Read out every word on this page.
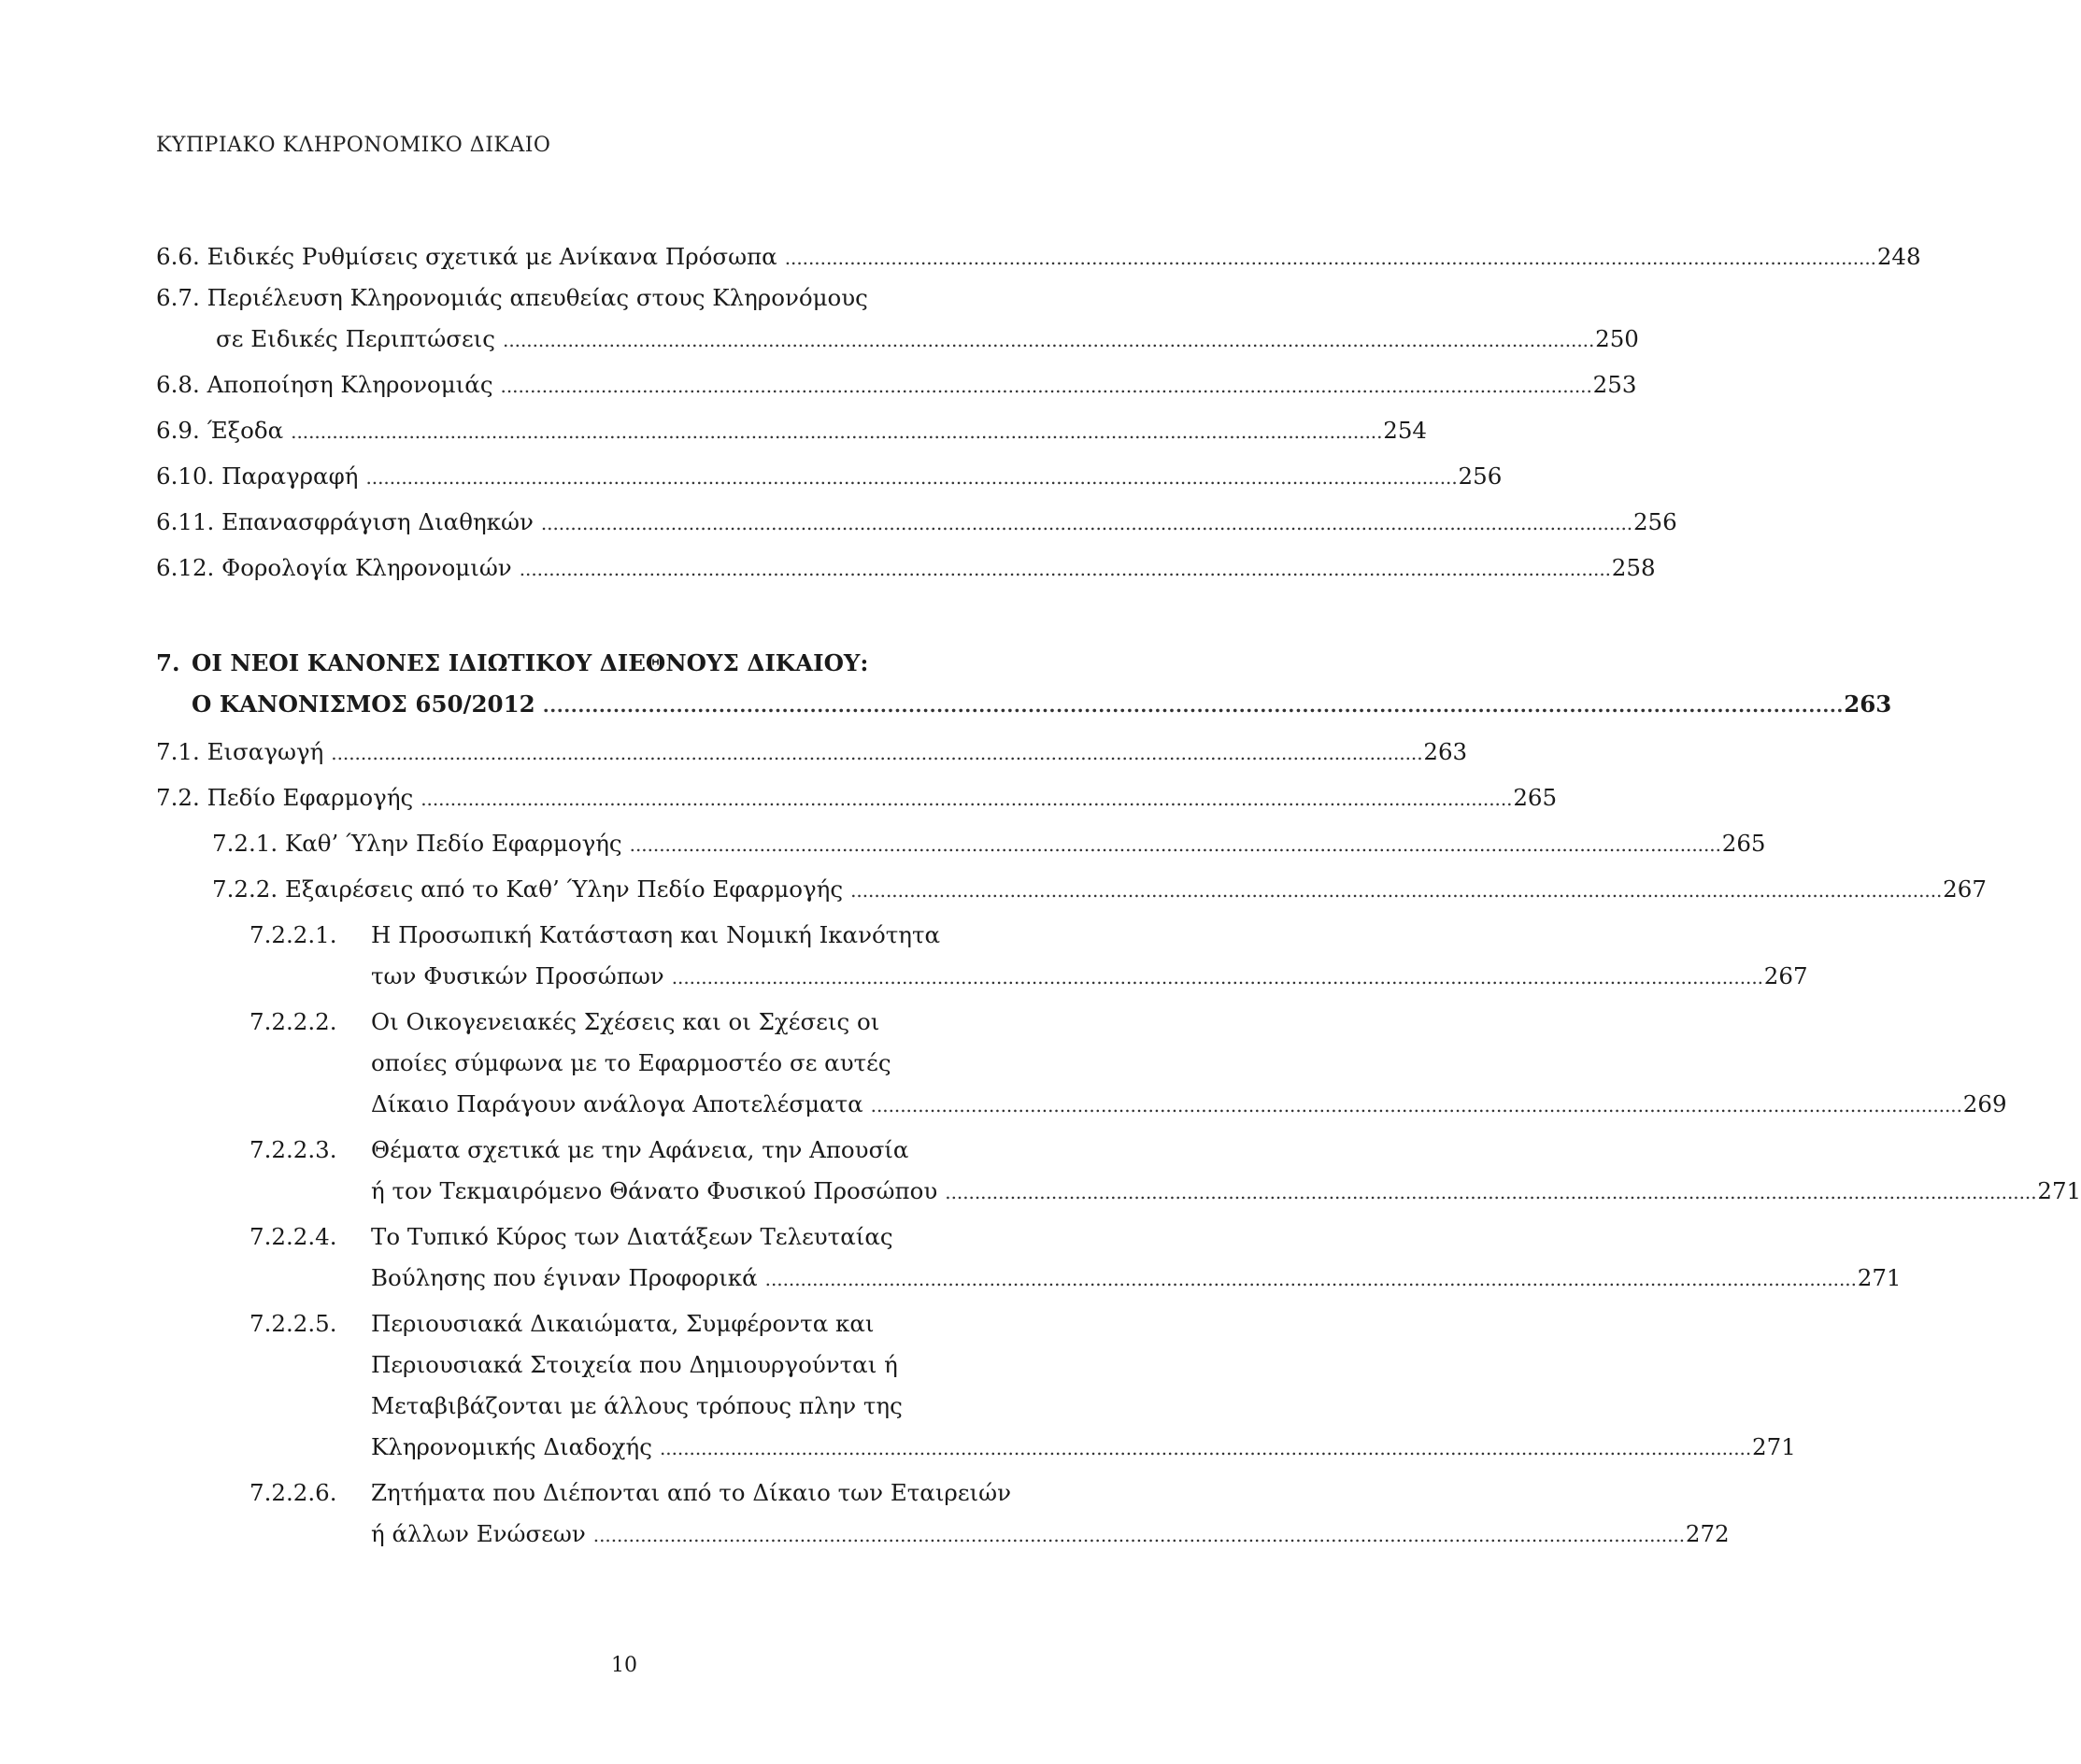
ΚΥΠΡΙΑΚΟ ΚΛΗΡΟΝΟΜΙΚΟ ΔΙΚΑΙΟ
6.6.
Ειδικές Ρυθμίσεις σχετικά με Ανίκανα Πρόσωπα . . .	248
6.7.
Περιέλευση Κληρονομιάς απευθείας στους Κληρονόμους
σε Ειδικές Περιπτώσεις . . .	250
6.8.
Αποποίηση Κληρονομιάς . . .	253
6.9.
Έξοδα . . .	254
6.10.
Παραγραφή . . .	256
6.11.
Επανασφράγιση Διαθηκών . . .	256
6.12.
Φορολογία Κληρονομιών . . .	258
7. ΟΙ ΝΕΟΙ ΚΑΝΟΝΕΣ ΙΔΙΩΤΙΚΟΥ ΔΙΕΘΝΟΥΣ ΔΙΚΑΙΟΥ:
Ο ΚΑΝΟΝΙΣΜΟΣ 650/2012 . . .	263
7.1.
Εισαγωγή . . .	263
7.2.
Πεδίο Εφαρμογής . . .	265
7.2.1.
Καθ’ Ύλην Πεδίο Εφαρμογής . . .	265
7.2.2.
Εξαιρέσεις από το Καθ’ Ύλην Πεδίο Εφαρμογής . . .	267
7.2.2.1.	Η Προσωπική Κατάσταση και Νομική Ικανότητα
των Φυσικών Προσώπων . . .	267
7.2.2.2.	Οι Οικογενειακές Σχέσεις και οι Σχέσεις οι
οποίες σύμφωνα με το Εφαρμοστέο σε αυτές
Δίκαιο Παράγουν ανάλογα Αποτελέσματα . . .	269
7.2.2.3.	Θέματα σχετικά με την Αφάνεια, την Απουσία
ή τον Τεκμαιρόμενο Θάνατο Φυσικού Προσώπου . . .	271
7.2.2.4.	Το Τυπικό Κύρος των Διατάξεων Τελευταίας
Βούλησης που έγιναν Προφορικά . . .	271
7.2.2.5.	Περιουσιακά Δικαιώματα, Συμφέροντα και
Περιουσιακά Στοιχεία που Δημιουργούνται ή
Μεταβιβάζονται με άλλους τρόπους πλην της
Κληρονομικής Διαδοχής . . .	271
7.2.2.6.	Ζητήματα που Διέπονται από το Δίκαιο των Εταιρειών
ή άλλων Ενώσεων . . .	272
10
